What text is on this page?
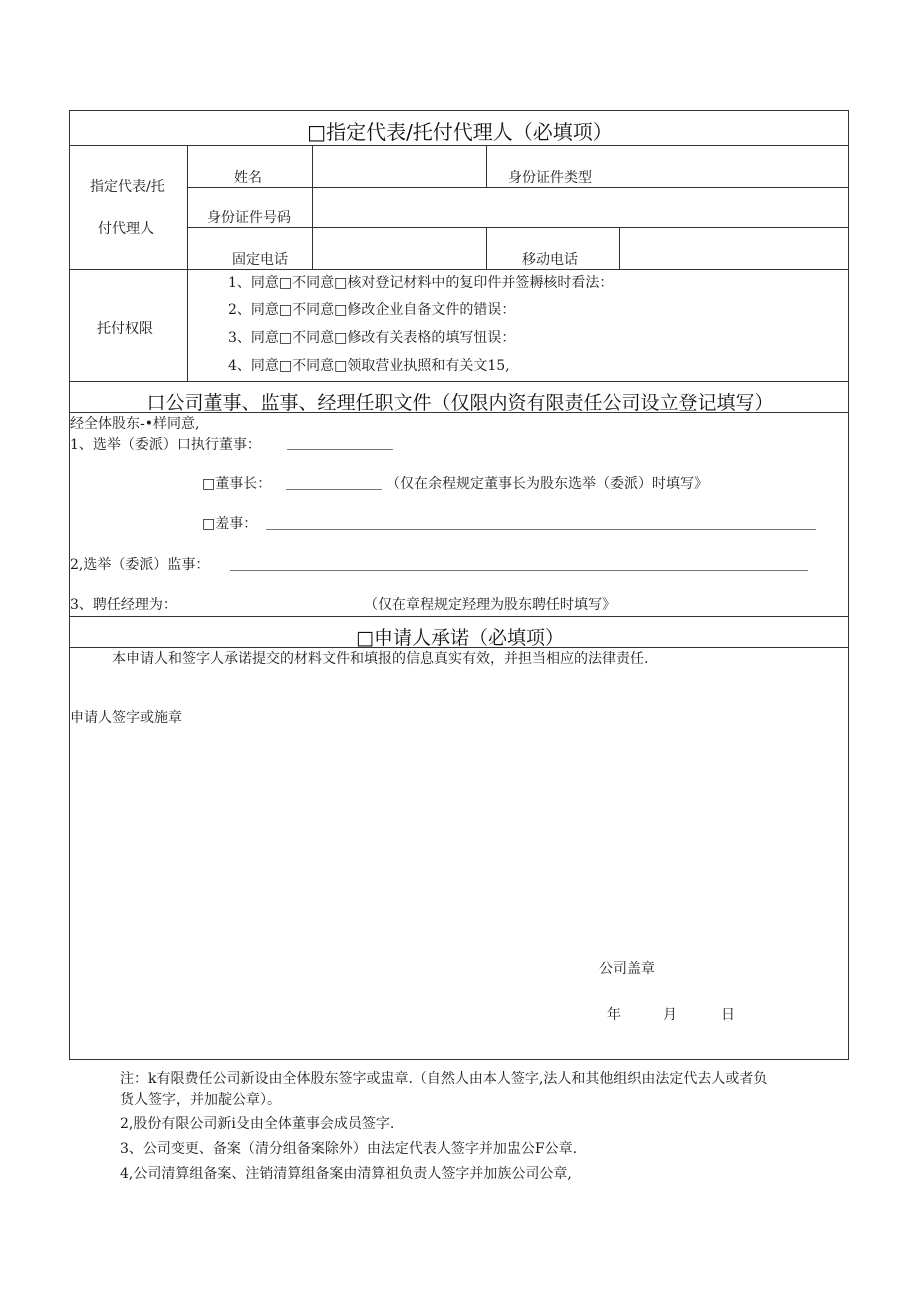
□指定代表/托付代理人（必填项）
指定代表/托
付代理人
姓名	身份证件类型
身份证件号码
固定电话	移动电话
托付权限
1、同意□不同意□核对登记材料中的复印件并签耨核时看法：
2、同意□不同意□修改企业自备文件的错误：
3、同意□不同意□修改有关表格的填写忸误：
4、同意□不同意□领取营业执照和有关文15,
口公司董事、监事、经理任职文件（仅限内资有限责任公司设立登记填写）
经全体股东-•样同意,
1、选举（委派）口执行董事：
□董事长：	（仅在余程规定董事长为股东选举（委派）时填写》
□羞事：
2,选举（委派）监事：
3、聘任经理为：	（仅在章程规定羟理为股东聘任时填写》
□申请人承诺（必填项）
本申请人和签字人承诺提交的材料文件和填报的信息真实有效，并担当相应的法律责任.
申请人签字或施章
公司盖章
年	月	日
注：k有限费任公司新设由全体股东签字或盅章.（自然人由本人签字,法人和其他组织由法定代去人或者负
货人签字，并加靛公章）。
2,股份有限公司新i殳由全体董事会成员签字.
3、公司变更、备案（清分组备案除外）由法定代表人签字并加盅公F公章.
4,公司清算组备案、注销清算组备案由清算祖负责人签字并加族公司公章,
